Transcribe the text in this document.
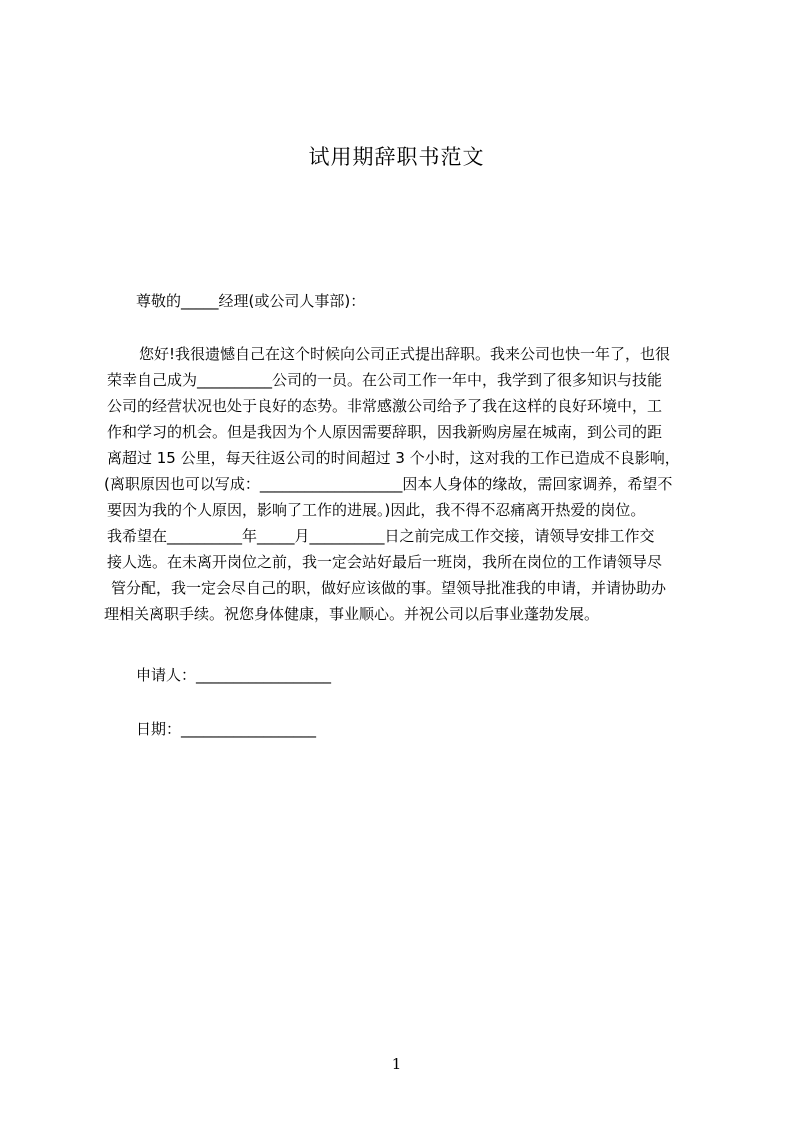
试用期辞职书范文
尊敬的_____经理(或公司人事部)：
您好!我很遗憾自己在这个时候向公司正式提出辞职。我来公司也快一年了，也很
荣幸自己成为__________公司的一员。在公司工作一年中，我学到了很多知识与技能
公司的经营状况也处于良好的态势。非常感激公司给予了我在这样的良好环境中，工
作和学习的机会。但是我因为个人原因需要辞职，因我新购房屋在城南，到公司的距
离超过 15 公里，每天往返公司的时间超过 3 个小时，这对我的工作已造成不良影响，
(离职原因也可以写成：___________________因本人身体的缘故，需回家调养，希望不
要因为我的个人原因，影响了工作的进展。)因此，我不得不忍痛离开热爱的岗位。
我希望在__________年_____月__________日之前完成工作交接，请领导安排工作交
接人选。在未离开岗位之前，我一定会站好最后一班岗，我所在岗位的工作请领导尽
管分配，我一定会尽自己的职，做好应该做的事。望领导批准我的申请，并请协助办
理相关离职手续。祝您身体健康，事业顺心。并祝公司以后事业蓬勃发展。
申请人：__________________
日期：__________________
1
